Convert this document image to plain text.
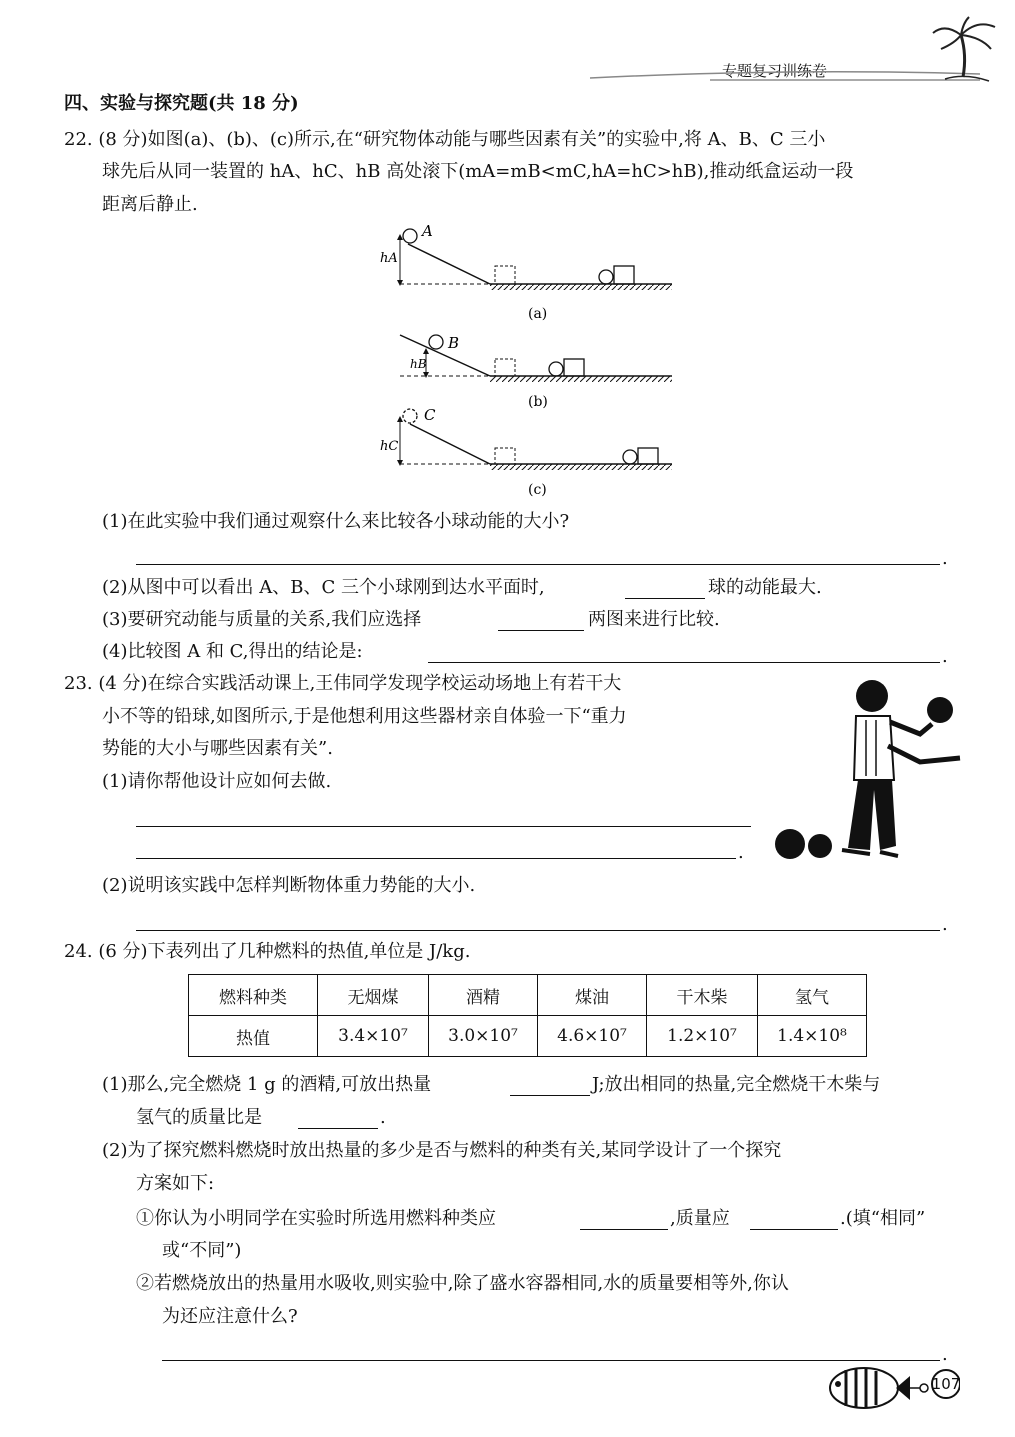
专题复习训练卷
四、实验与探究题(共 18 分)
22. (8 分)如图(a)、(b)、(c)所示,在“研究物体动能与哪些因素有关”的实验中,将 A、B、C 三小
球先后从同一装置的 hA、hC、hB 高处滚下(mA=mB<mC,hA=hC>hB),推动纸盒运动一段
距离后静止.
A
hA
(a)
B
hB
(b)
C
hC
(c)
(1)在此实验中我们通过观察什么来比较各小球动能的大小?
.
(2)从图中可以看出 A、B、C 三个小球刚到达水平面时,	球的动能最大.
(3)要研究动能与质量的关系,我们应选择	两图来进行比较.
(4)比较图 A 和 C,得出的结论是:	.
23. (4 分)在综合实践活动课上,王伟同学发现学校运动场地上有若干大
小不等的铅球,如图所示,于是他想利用这些器材亲自体验一下“重力
势能的大小与哪些因素有关”.
(1)请你帮他设计应如何去做.
.
(2)说明该实践中怎样判断物体重力势能的大小.
.
24. (6 分)下表列出了几种燃料的热值,单位是 J/kg.
燃料种类	无烟煤	酒精	煤油	干木柴	氢气
热值	3.4×10⁷	3.0×10⁷	4.6×10⁷	1.2×10⁷	1.4×10⁸
(1)那么,完全燃烧 1 g 的酒精,可放出热量	J;放出相同的热量,完全燃烧干木柴与
氢气的质量比是	.
(2)为了探究燃料燃烧时放出热量的多少是否与燃料的种类有关,某同学设计了一个探究
方案如下:
①你认为小明同学在实验时所选用燃料种类应	,质量应	.(填“相同”
或“不同”)
②若燃烧放出的热量用水吸收,则实验中,除了盛水容器相同,水的质量要相等外,你认
为还应注意什么?
.
107
